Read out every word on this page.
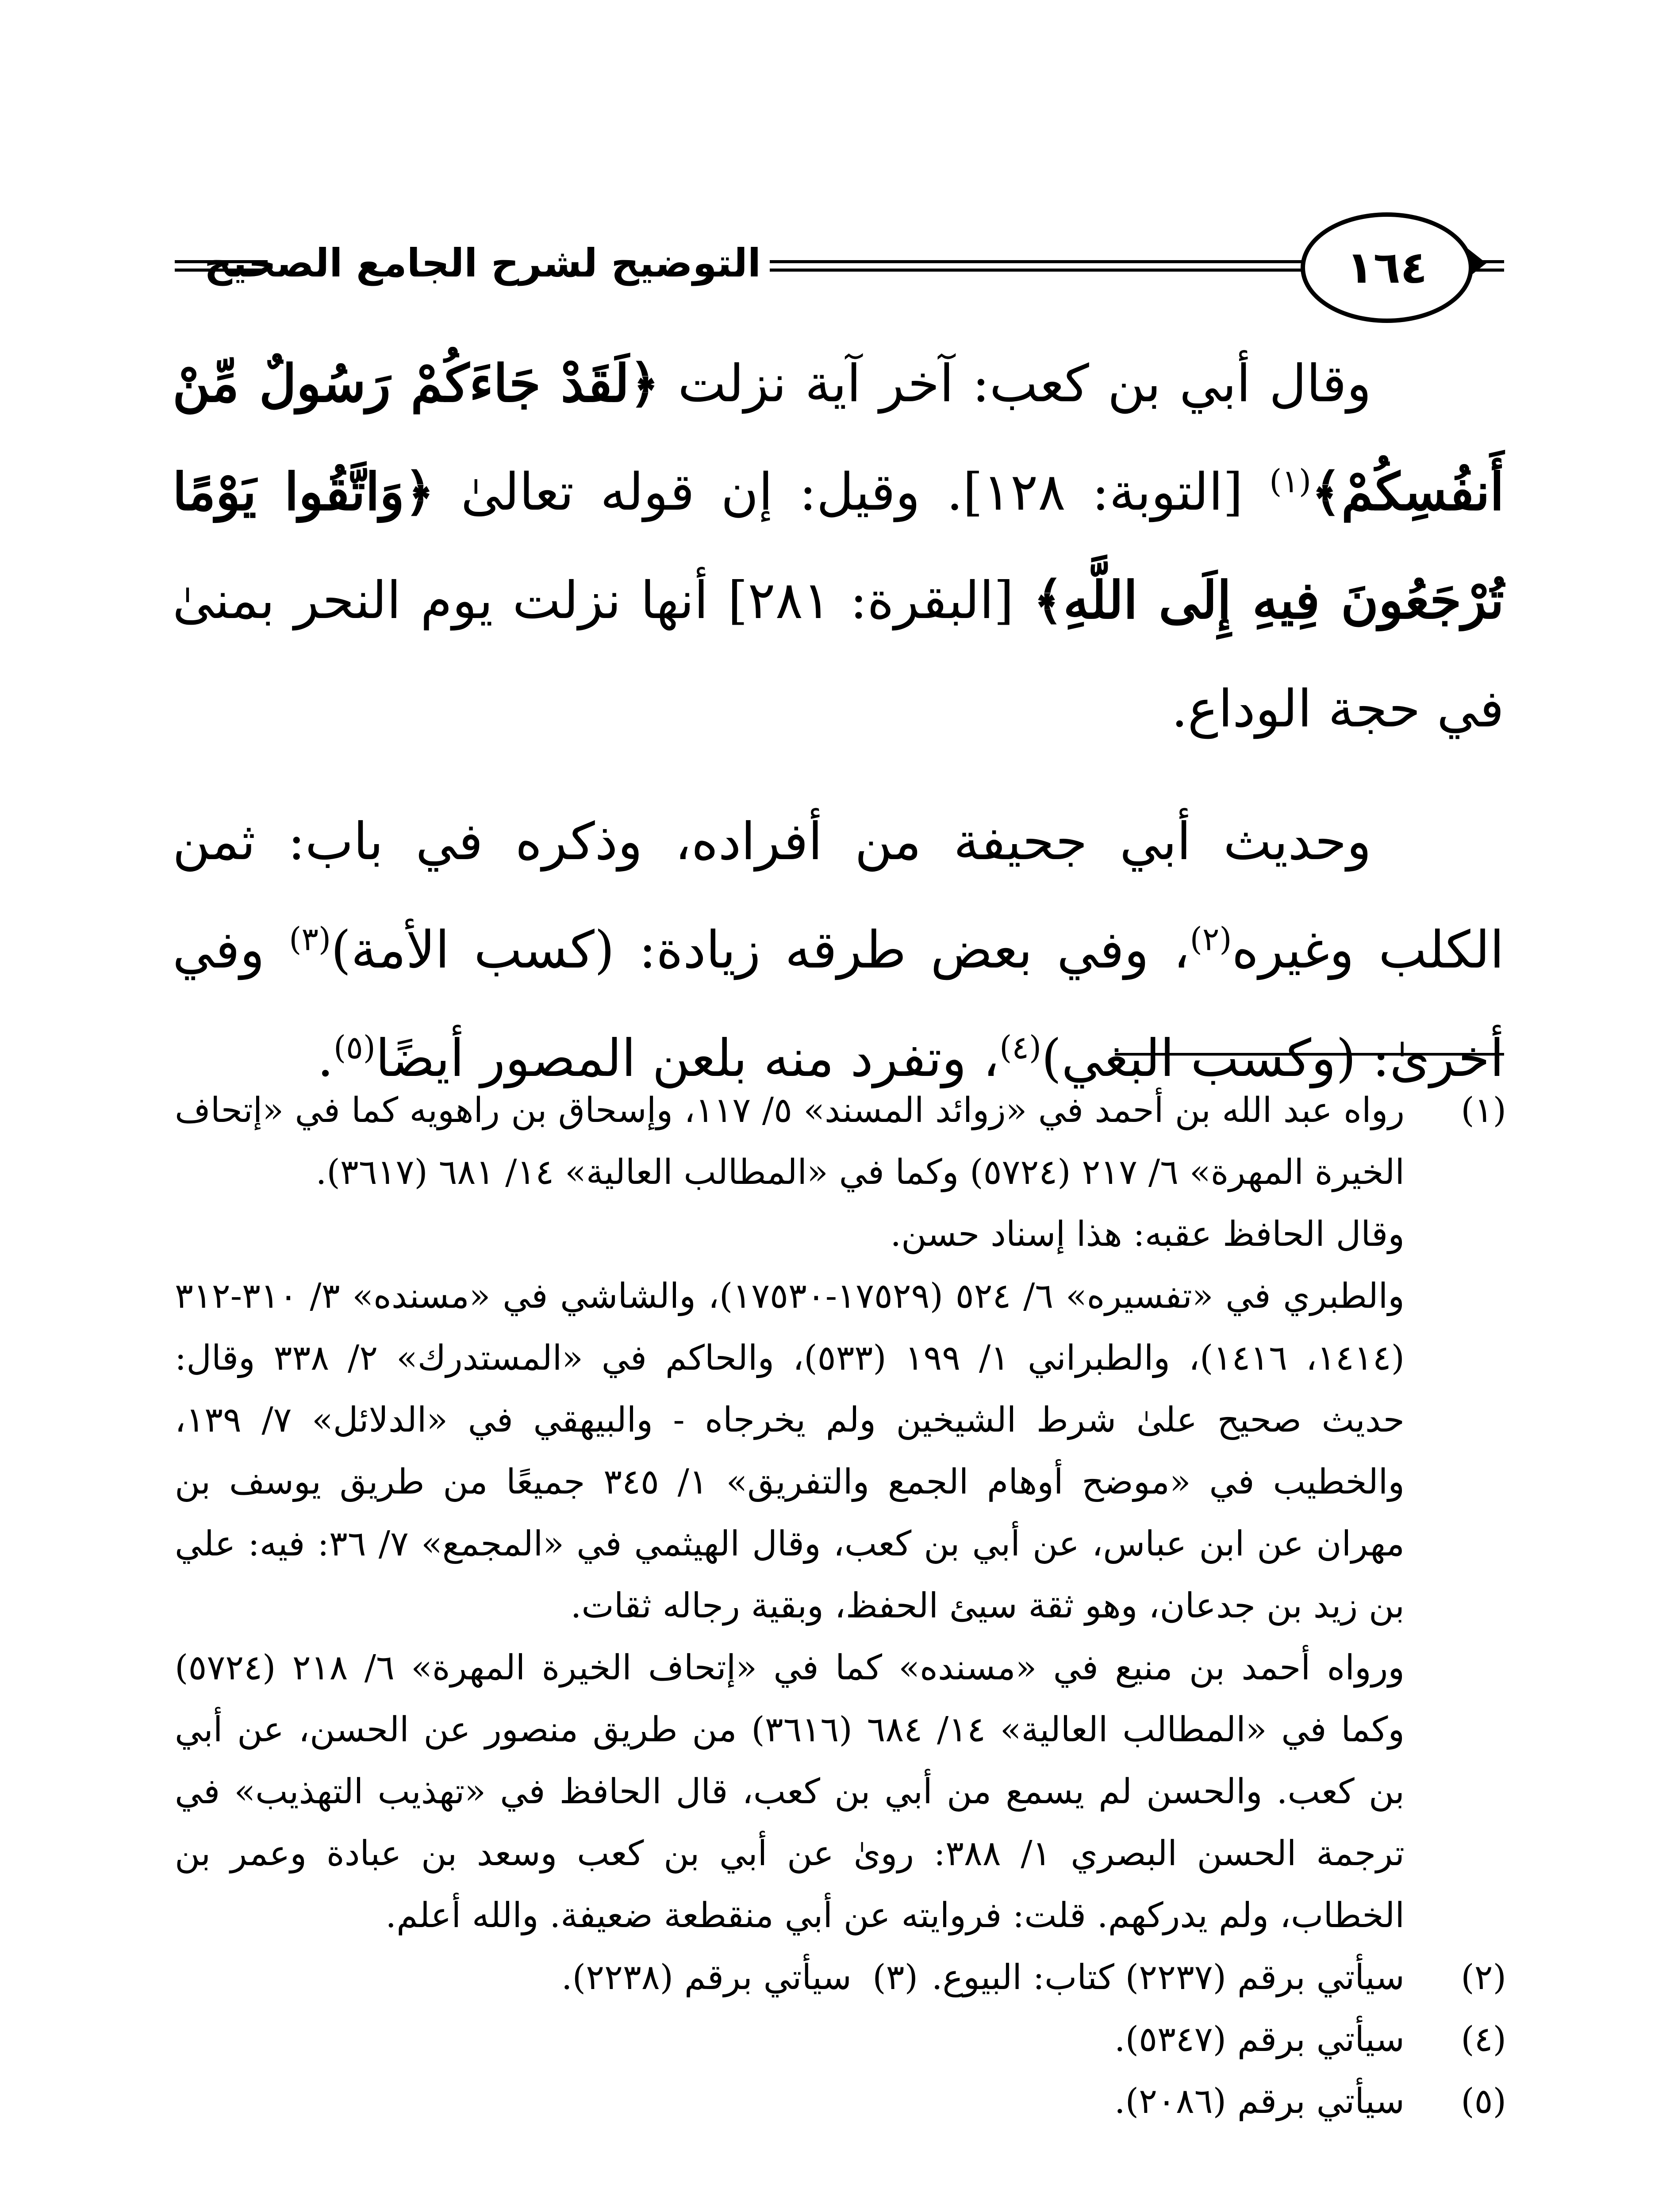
١٦٤
التوضيح لشرح الجامع الصحيح

وقال أبي بن كعب: آخر آية نزلت ﴿لَقَدْ جَاءَكُمْ رَسُولٌ مِّنْ أَنفُسِكُمْ﴾$^{(١)}$ [التوبة: ١٢٨]. وقيل: إن قوله تعالىٰ ﴿وَاتَّقُوا يَوْمًا تُرْجَعُونَ فِيهِ إِلَى اللَّهِ﴾ [البقرة: ٢٨١] أنها نزلت يوم النحر بمنىٰ في حجة الوداع.

وحديث أبي جحيفة من أفراده، وذكره في باب: ثمن الكلب وغيره$^{(٢)}$، وفي بعض طرقه زيادة: (كسب الأمة)$^{(٣)}$ وفي أخرىٰ: (وكسب البغي)$^{(٤)}$، وتفرد منه بلعن المصور أيضًا$^{(٥)}$.

(١)

رواه عبد الله بن أحمد في «زوائد المسند» ٥/ ١١٧، وإسحاق بن راهويه كما في «إتحاف الخيرة المهرة» ٦/ ٢١٧ (٥٧٢٤) وكما في «المطالب العالية» ١٤/ ٦٨١ (٣٦١٧).

وقال الحافظ عقبه: هذا إسناد حسن.

والطبري في «تفسيره» ٦/ ٥٢٤ (١٧٥٢٩-١٧٥٣٠)، والشاشي في «مسنده» ٣/ ٣١٠-٣١٢ (١٤١٤، ١٤١٦)، والطبراني ١/ ١٩٩ (٥٣٣)، والحاكم في «المستدرك» ٢/ ٣٣٨ وقال: حديث صحيح علىٰ شرط الشيخين ولم يخرجاه - والبيهقي في «الدلائل» ٧/ ١٣٩، والخطيب في «موضح أوهام الجمع والتفريق» ١/ ٣٤٥ جميعًا من طريق يوسف بن مهران عن ابن عباس، عن أبي بن كعب، وقال الهيثمي في «المجمع» ٧/ ٣٦: فيه: علي بن زيد بن جدعان، وهو ثقة سيئ الحفظ، وبقية رجاله ثقات.

ورواه أحمد بن منيع في «مسنده» كما في «إتحاف الخيرة المهرة» ٦/ ٢١٨ (٥٧٢٤) وكما في «المطالب العالية» ١٤/ ٦٨٤ (٣٦١٦) من طريق منصور عن الحسن، عن أبي بن كعب. والحسن لم يسمع من أبي بن كعب، قال الحافظ في «تهذيب التهذيب» في ترجمة الحسن البصري ١/ ٣٨٨: روىٰ عن أبي بن كعب وسعد بن عبادة وعمر بن الخطاب، ولم يدركهم. قلت: فروايته عن أبي منقطعة ضعيفة. والله أعلم.

(٢)
سيأتي برقم (٢٢٣٧) كتاب: البيوع.
(٣)
سيأتي برقم (٢٢٣٨).
(٤)
سيأتي برقم (٥٣٤٧).
(٥)
سيأتي برقم (٢٠٨٦).
